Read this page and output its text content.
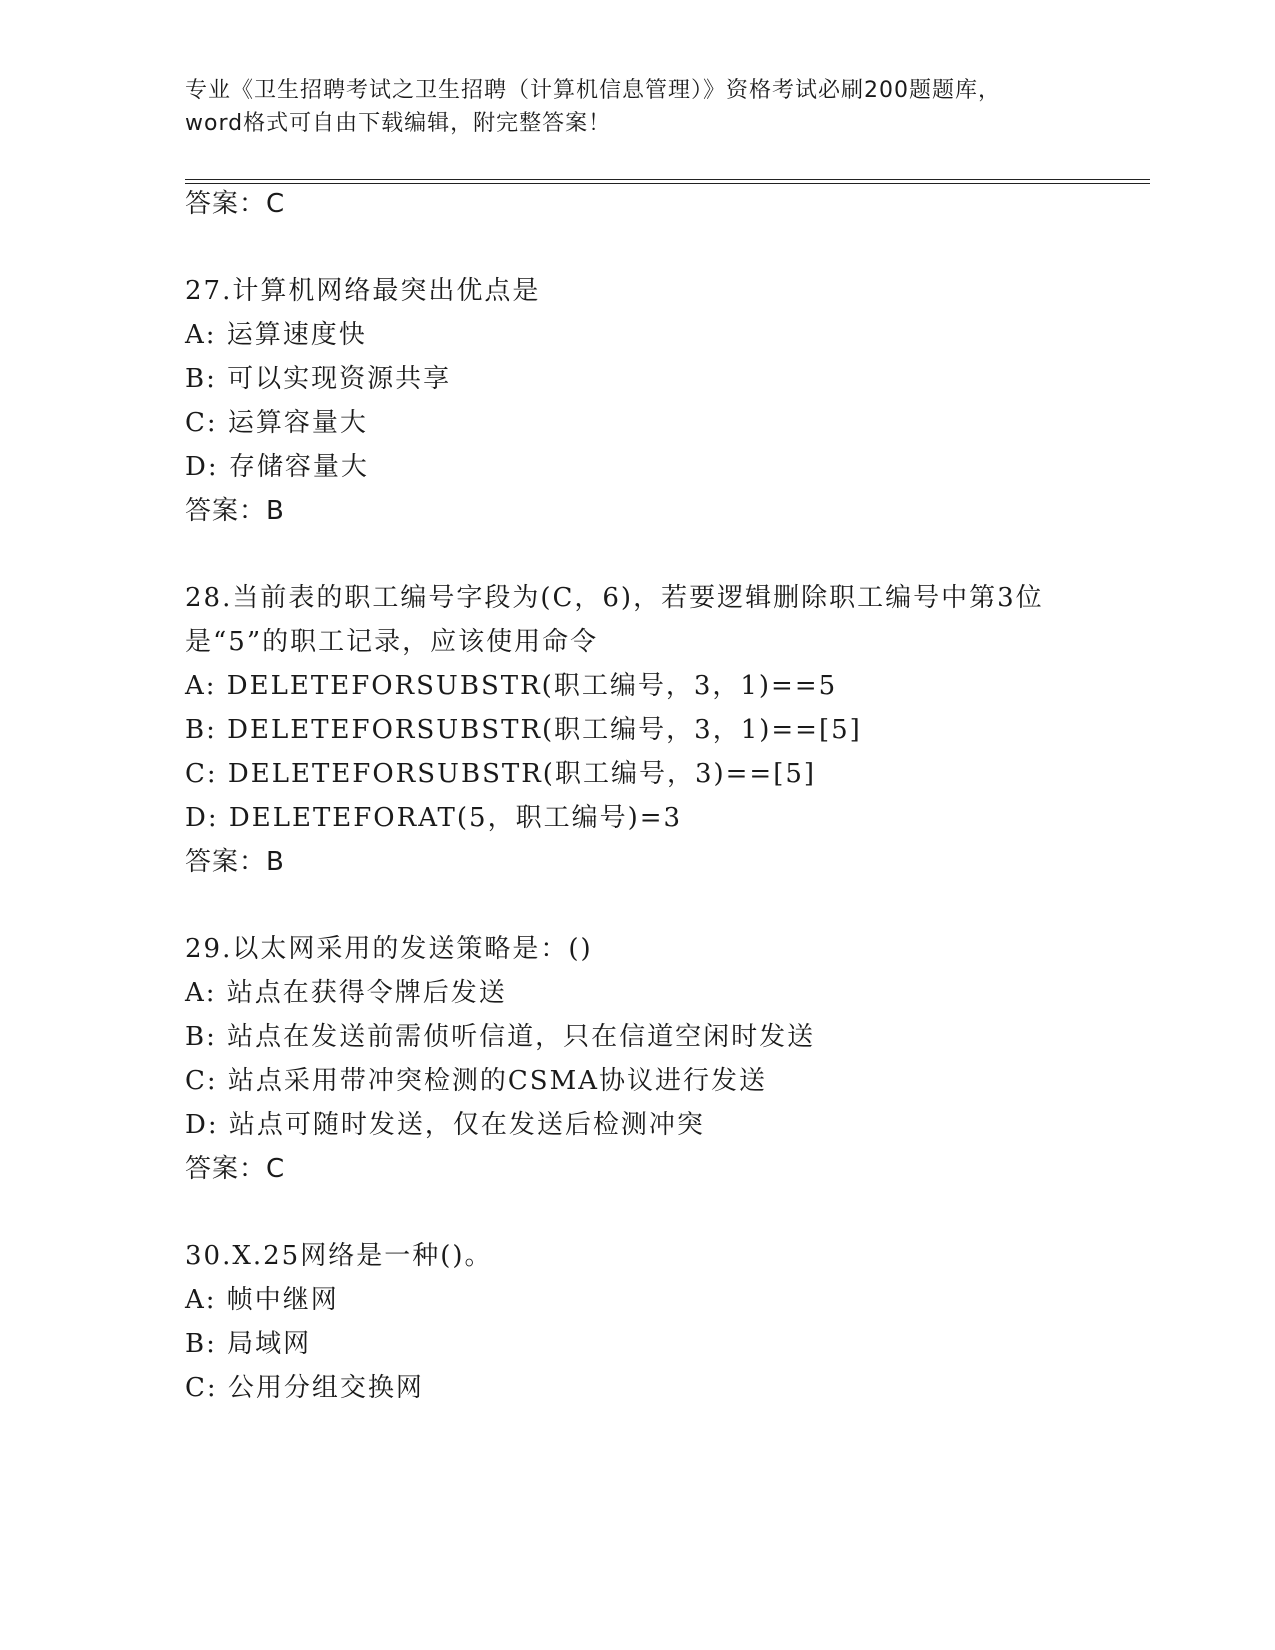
专业《卫生招聘考试之卫生招聘（计算机信息管理）》资格考试必刷200题题库，
word格式可自由下载编辑，附完整答案！
答案：C
27.计算机网络最突出优点是
A: 运算速度快
B: 可以实现资源共享
C: 运算容量大
D: 存储容量大
答案：B
28.当前表的职工编号字段为(C，6)，若要逻辑删除职工编号中第3位
是“5”的职工记录，应该使用命令
A: DELETEFORSUBSTR(职工编号，3，1)==5
B: DELETEFORSUBSTR(职工编号，3，1)==[5]
C: DELETEFORSUBSTR(职工编号，3)==[5]
D: DELETEFORAT(5，职工编号)=3
答案：B
29.以太网采用的发送策略是：()
A: 站点在获得令牌后发送
B: 站点在发送前需侦听信道，只在信道空闲时发送
C: 站点采用带冲突检测的CSMA协议进行发送
D: 站点可随时发送，仅在发送后检测冲突
答案：C
30.X.25网络是一种()。
A: 帧中继网
B: 局域网
C: 公用分组交换网
